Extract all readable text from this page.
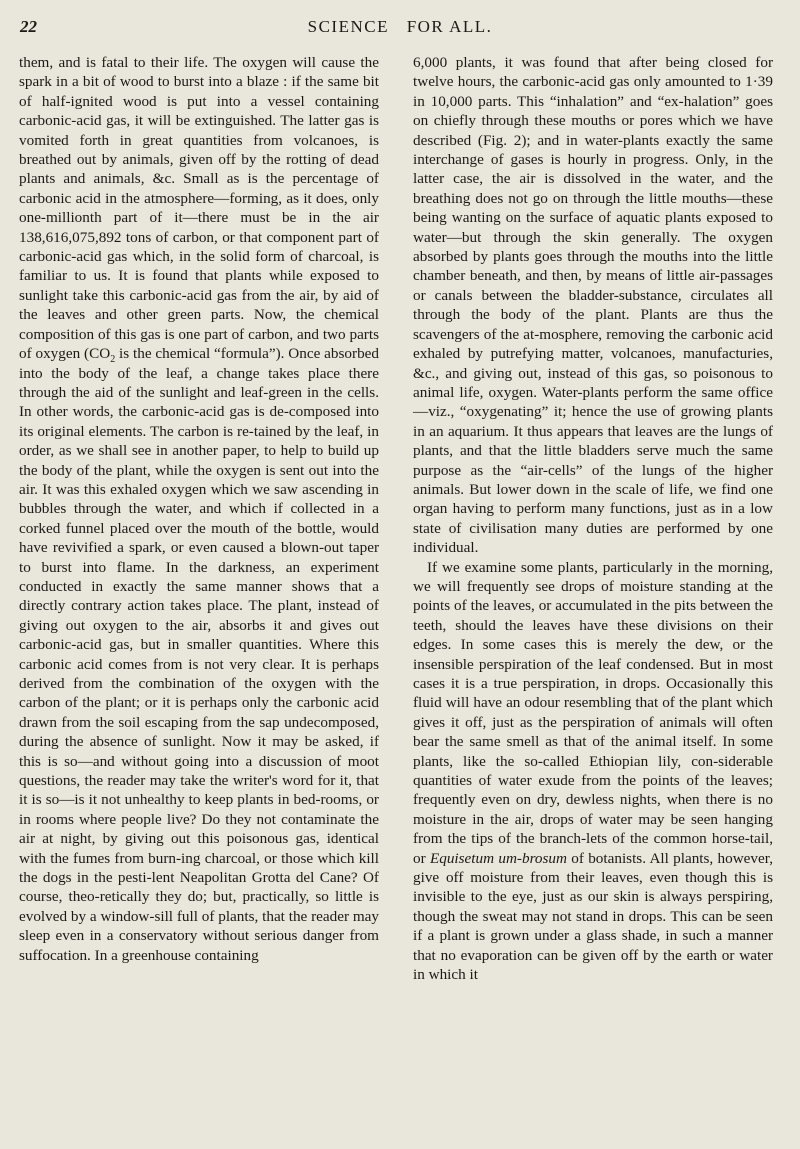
22	SCIENCE FOR ALL.

them, and is fatal to their life. The oxygen will cause the spark in a bit of wood to burst into a blaze : if the same bit of half-ignited wood is put into a vessel containing carbonic-acid gas, it will be extinguished. The latter gas is vomited forth in great quantities from volcanoes, is breathed out by animals, given off by the rotting of dead plants and animals, &c. Small as is the percentage of carbonic acid in the atmosphere—forming, as it does, only one-millionth part of it—there must be in the air 138,616,075,892 tons of carbon, or that component part of carbonic-acid gas which, in the solid form of charcoal, is familiar to us. It is found that plants while exposed to sunlight take this carbonic-acid gas from the air, by aid of the leaves and other green parts. Now, the chemical composition of this gas is one part of carbon, and two parts of oxygen ($CO_2$ is the chemical “formula”). Once absorbed into the body of the leaf, a change takes place there through the aid of the sunlight and leaf-green in the cells. In other words, the carbonic-acid gas is de-composed into its original elements. The carbon is re-tained by the leaf, in order, as we shall see in another paper, to help to build up the body of the plant, while the oxygen is sent out into the air. It was this exhaled oxygen which we saw ascending in bubbles through the water, and which if collected in a corked funnel placed over the mouth of the bottle, would have revivified a spark, or even caused a blown-out taper to burst into flame. In the darkness, an experiment conducted in exactly the same manner shows that a directly contrary action takes place. The plant, instead of giving out oxygen to the air, absorbs it and gives out carbonic-acid gas, but in smaller quantities. Where this carbonic acid comes from is not very clear. It is perhaps derived from the combination of the oxygen with the carbon of the plant; or it is perhaps only the carbonic acid drawn from the soil escaping from the sap undecomposed, during the absence of sunlight. Now it may be asked, if this is so—and without going into a discussion of moot questions, the reader may take the writer's word for it, that it is so—is it not unhealthy to keep plants in bed-rooms, or in rooms where people live? Do they not contaminate the air at night, by giving out this poisonous gas, identical with the fumes from burn-ing charcoal, or those which kill the dogs in the pesti-lent Neapolitan Grotta del Cane? Of course, theo-retically they do; but, practically, so little is evolved by a window-sill full of plants, that the reader may sleep even in a conservatory without serious danger from suffocation. In a greenhouse containing

6,000 plants, it was found that after being closed for twelve hours, the carbonic-acid gas only amounted to 1·39 in 10,000 parts. This “inhalation” and “ex-halation” goes on chiefly through these mouths or pores which we have described (Fig. 2); and in water-plants exactly the same interchange of gases is hourly in progress. Only, in the latter case, the air is dissolved in the water, and the breathing does not go on through the little mouths—these being wanting on the surface of aquatic plants exposed to water—but through the skin generally. The oxygen absorbed by plants goes through the mouths into the little chamber beneath, and then, by means of little air-passages or canals between the bladder-substance, circulates all through the body of the plant. Plants are thus the scavengers of the at-mosphere, removing the carbonic acid exhaled by putrefying matter, volcanoes, manufacturies, &c., and giving out, instead of this gas, so poisonous to animal life, oxygen. Water-plants perform the same office —viz., “oxygenating” it; hence the use of growing plants in an aquarium. It thus appears that leaves are the lungs of plants, and that the little bladders serve much the same purpose as the “air-cells” of the lungs of the higher animals. But lower down in the scale of life, we find one organ having to perform many functions, just as in a low state of civilisation many duties are performed by one individual.

If we examine some plants, particularly in the morning, we will frequently see drops of moisture standing at the points of the leaves, or accumulated in the pits between the teeth, should the leaves have these divisions on their edges. In some cases this is merely the dew, or the insensible perspiration of the leaf condensed. But in most cases it is a true perspiration, in drops. Occasionally this fluid will have an odour resembling that of the plant which gives it off, just as the perspiration of animals will often bear the same smell as that of the animal itself. In some plants, like the so-called Ethiopian lily, con-siderable quantities of water exude from the points of the leaves; frequently even on dry, dewless nights, when there is no moisture in the air, drops of water may be seen hanging from the tips of the branch-lets of the common horse-tail, or Equisetum um-brosum of botanists. All plants, however, give off moisture from their leaves, even though this is invisible to the eye, just as our skin is always perspiring, though the sweat may not stand in drops. This can be seen if a plant is grown under a glass shade, in such a manner that no evaporation can be given off by the earth or water in which it
